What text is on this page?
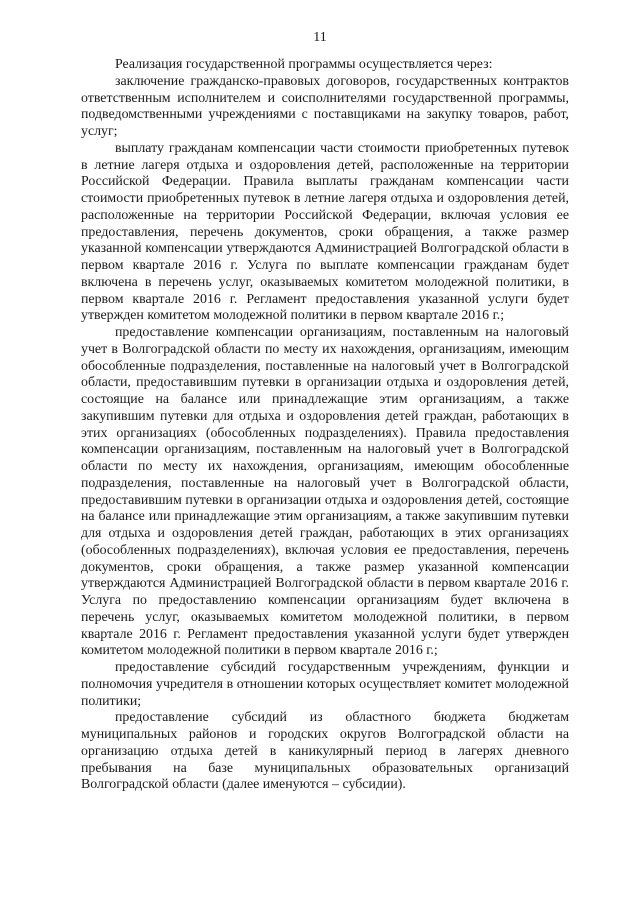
11

Реализация государственной программы осуществляется через:

заключение гражданско-правовых договоров, государственных контрактов ответственным исполнителем и соисполнителями государственной программы, подведомственными учреждениями с поставщиками на закупку товаров, работ, услуг;

выплату гражданам компенсации части стоимости приобретенных путевок в летние лагеря отдыха и оздоровления детей, расположенные на территории Российской Федерации. Правила выплаты гражданам компенсации части стоимости приобретенных путевок в летние лагеря отдыха и оздоровления детей, расположенные на территории Российской Федерации, включая условия ее предоставления, перечень документов, сроки обращения, а также размер указанной компенсации утверждаются Администрацией Волгоградской области в первом квартале 2016 г. Услуга по выплате компенсации гражданам будет включена в перечень услуг, оказываемых комитетом молодежной политики, в первом квартале 2016 г. Регламент предоставления указанной услуги будет утвержден комитетом молодежной политики в первом квартале 2016 г.;

предоставление компенсации организациям, поставленным на налоговый учет в Волгоградской области по месту их нахождения, организациям, имеющим обособленные подразделения, поставленные на налоговый учет в Волгоградской области, предоставившим путевки в организации отдыха и оздоровления детей, состоящие на балансе или принадлежащие этим организациям, а также закупившим путевки для отдыха и оздоровления детей граждан, работающих в этих организациях (обособленных подразделениях). Правила предоставления компенсации организациям, поставленным на налоговый учет в Волгоградской области по месту их нахождения, организациям, имеющим обособленные подразделения, поставленные на налоговый учет в Волгоградской области, предоставившим путевки в организации отдыха и оздоровления детей, состоящие на балансе или принадлежащие этим организациям, а также закупившим путевки для отдыха и оздоровления детей граждан, работающих в этих организациях (обособленных подразделениях), включая условия ее предоставления, перечень документов, сроки обращения, а также размер указанной компенсации утверждаются Администрацией Волгоградской области в первом квартале 2016 г. Услуга по предоставлению компенсации организациям будет включена в перечень услуг, оказываемых комитетом молодежной политики, в первом квартале 2016 г. Регламент предоставления указанной услуги будет утвержден комитетом молодежной политики в первом квартале 2016 г.;

предоставление субсидий государственным учреждениям, функции и полномочия учредителя в отношении которых осуществляет комитет молодежной политики;

предоставление субсидий из областного бюджета бюджетам муниципальных районов и городских округов Волгоградской области на организацию отдыха детей в каникулярный период в лагерях дневного пребывания на базе муниципальных образовательных организаций Волгоградской области (далее именуются – субсидии).
